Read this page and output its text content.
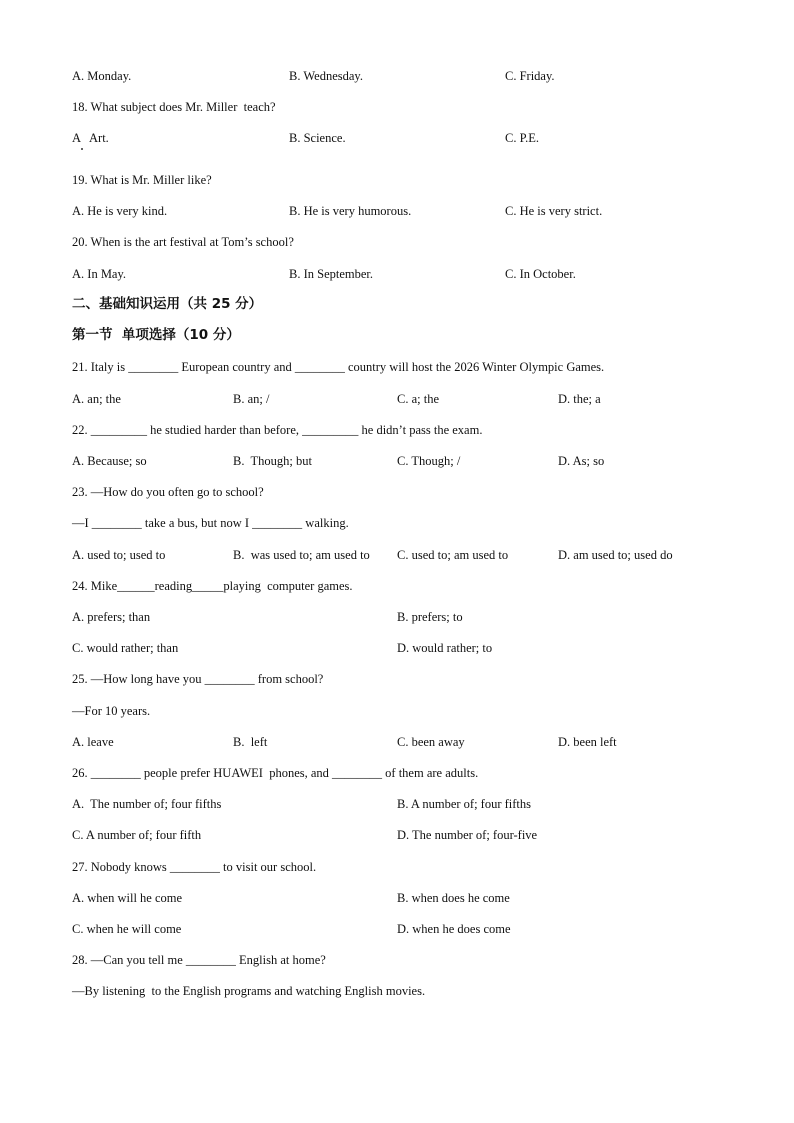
A. Monday.	B. Wednesday.	C. Friday.
18. What subject does Mr. Miller  teach?
A   Art.	B. Science.	C. P.E.
19. What is Mr. Miller like?
A. He is very kind.	B. He is very humorous.	C. He is very strict.
20. When is the art festival at Tom’s school?
A. In May.	B. In September.	C. In October.
二、基础知识运用（共 25 分）
第一节  单项选择（10 分）
21. Italy is ________ European country and ________ country will host the 2026 Winter Olympic Games.
A. an; the	B. an; /	C. a; the	D. the; a
22. _________ he studied harder than before, _________ he didn’t pass the exam.
A. Because; so	B.  Though; but	C. Though; /	D. As; so
23. —How do you often go to school?
—I ________ take a bus, but now I ________ walking.
A. used to; used to	B.  was used to; am used to C. used to; am used to	D. am used to; used do
24. Mike______reading_____playing  computer games.
A. prefers; than	B. prefers; to
C. would rather; than	D. would rather; to
25. —How long have you ________ from school?
—For 10 years.
A. leave	B.  left	C. been away	D. been left
26. ________ people prefer HUAWEI  phones, and ________ of them are adults.
A.  The number of; four fifths	B. A number of; four fifths
C. A number of; four fifth	D. The number of; four-five
27. Nobody knows ________ to visit our school.
A. when will he come	B. when does he come
C. when he will come	D. when he does come
28. —Can you tell me ________ English at home?
—By listening  to the English programs and watching English movies.
